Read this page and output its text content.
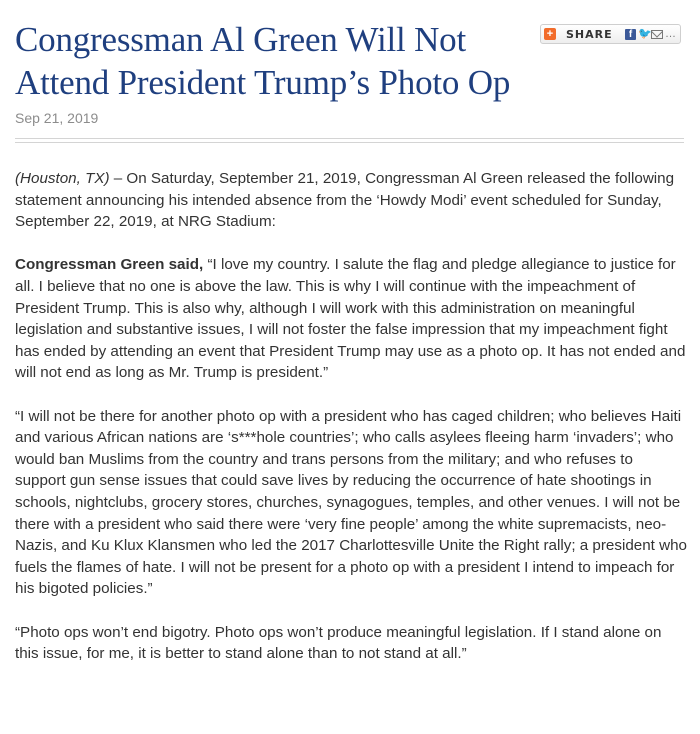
Congressman Al Green Will Not Attend President Trump’s Photo Op
+ SHARE	f 🐦 …
Sep 21, 2019

(Houston, TX) – On Saturday, September 21, 2019, Congressman Al Green released the following statement announcing his intended absence from the ‘Howdy Modi’ event scheduled for Sunday, September 22, 2019, at NRG Stadium:

Congressman Green said, “I love my country. I salute the flag and pledge allegiance to justice for all. I believe that no one is above the law. This is why I will continue with the impeachment of President Trump. This is also why, although I will work with this administration on meaningful legislation and substantive issues, I will not foster the false impression that my impeachment fight has ended by attending an event that President Trump may use as a photo op. It has not ended and will not end as long as Mr. Trump is president.”

“I will not be there for another photo op with a president who has caged children; who believes Haiti and various African nations are ‘s***hole countries’; who calls asylees fleeing harm ‘invaders’; who would ban Muslims from the country and trans persons from the military; and who refuses to support gun sense issues that could save lives by reducing the occurrence of hate shootings in schools, nightclubs, grocery stores, churches, synagogues, temples, and other venues. I will not be there with a president who said there were ‘very fine people’ among the white supremacists, neo-Nazis, and Ku Klux Klansmen who led the 2017 Charlottesville Unite the Right rally; a president who fuels the flames of hate. I will not be present for a photo op with a president I intend to impeach for his bigoted policies.”

“Photo ops won’t end bigotry. Photo ops won’t produce meaningful legislation. If I stand alone on this issue, for me, it is better to stand alone than to not stand at all.”
